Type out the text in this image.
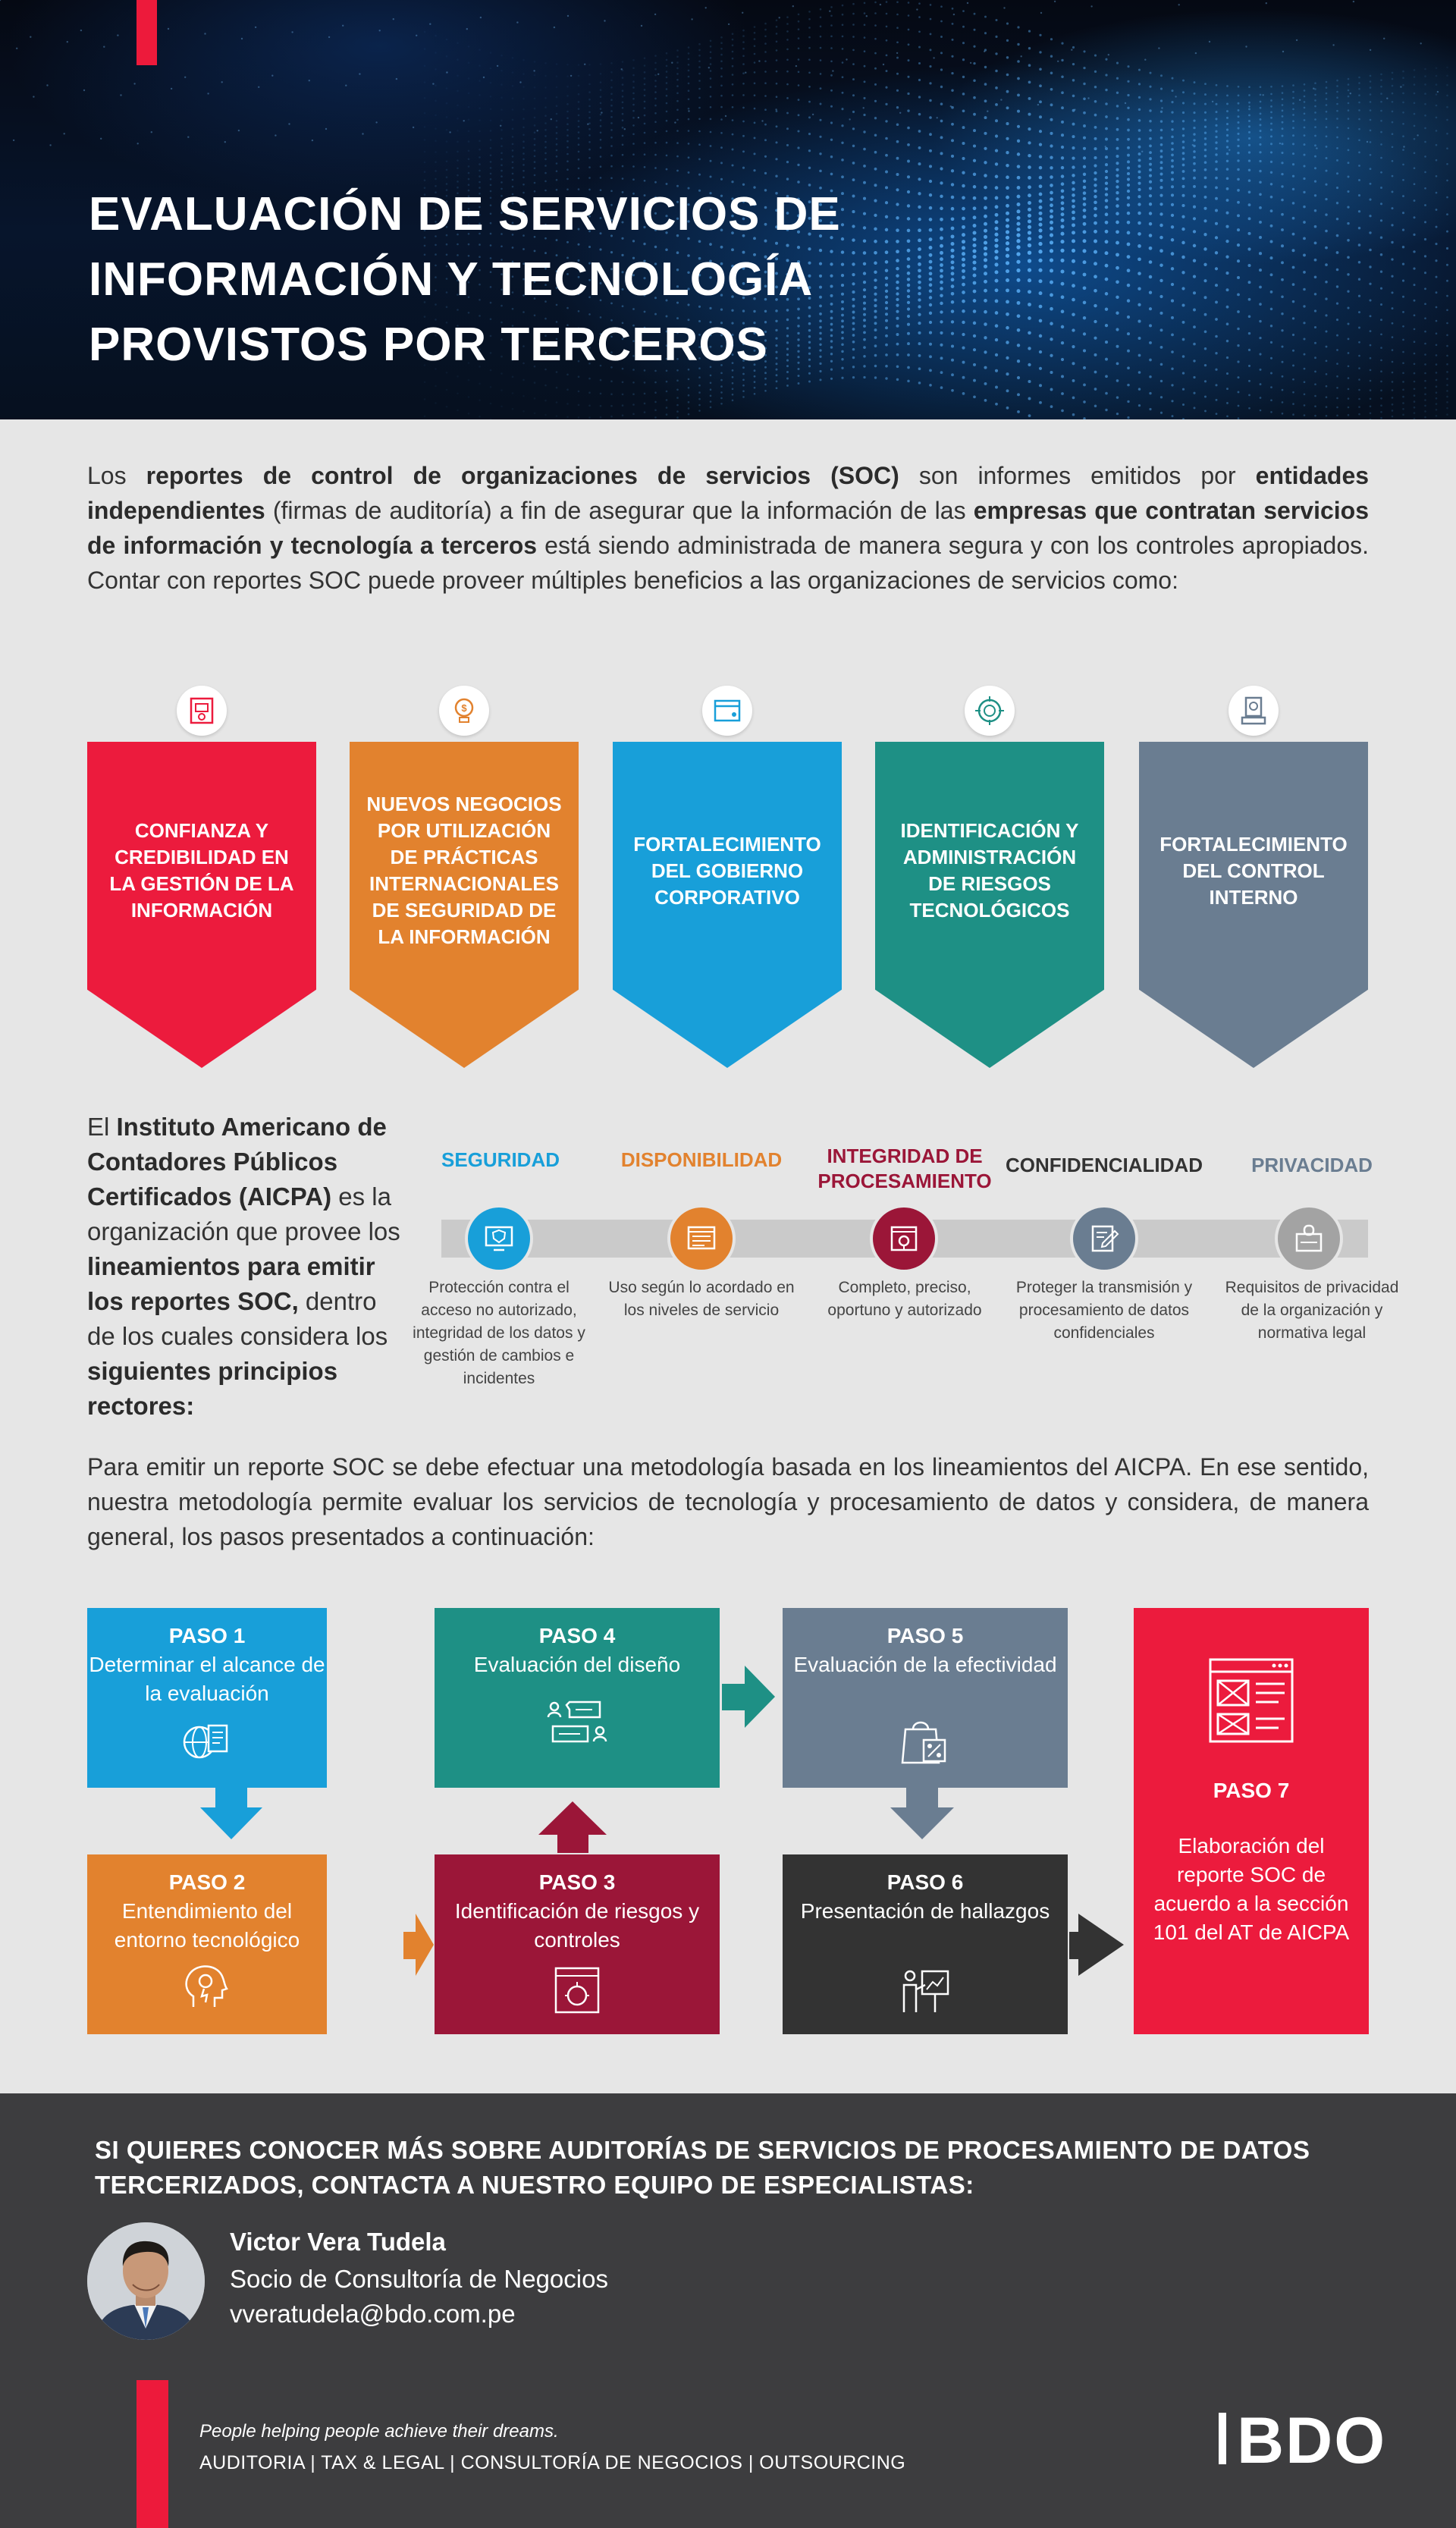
EVALUACIÓN DE SERVICIOS DE
INFORMACIÓN Y TECNOLOGÍA
PROVISTOS POR TERCEROS
Los reportes de control de organizaciones de servicios (SOC) son informes emitidos por entidades independientes (firmas de auditoría) a fin de asegurar que la información de las empresas que contratan servicios de información y tecnología a terceros está siendo administrada de manera segura y con los controles apropiados. Contar con reportes SOC puede proveer múltiples beneficios a las organizaciones de servicios como:
CONFIANZA Y CREDIBILIDAD EN LA GESTIÓN DE LA INFORMACIÓN
NUEVOS NEGOCIOS POR UTILIZACIÓN DE PRÁCTICAS INTERNACIONALES DE SEGURIDAD DE LA INFORMACIÓN
$
FORTALECIMIENTO DEL GOBIERNO CORPORATIVO
IDENTIFICACIÓN Y ADMINISTRACIÓN DE RIESGOS TECNOLÓGICOS
FORTALECIMIENTO DEL CONTROL INTERNO
El Instituto Americano de Contadores Públicos Certificados (AICPA) es la organización que provee los lineamientos para emitir los reportes SOC, dentro de los cuales considera los siguientes principios rectores:
SEGURIDAD
Protección contra el acceso no autorizado, integridad de los datos y gestión de cambios e incidentes
DISPONIBILIDAD
Uso según lo acordado en los niveles de servicio
INTEGRIDAD DE PROCESAMIENTO
Completo, preciso, oportuno y autorizado
CONFIDENCIALIDAD
Proteger la transmisión y procesamiento de datos confidenciales
PRIVACIDAD
Requisitos de privacidad de la organización y normativa legal
Para emitir un reporte SOC se debe efectuar una metodología basada en los lineamientos del AICPA. En ese sentido, nuestra metodología permite evaluar los servicios de tecnología y procesamiento de datos y considera, de manera general, los pasos presentados a continuación:
PASO 1
Determinar el alcance de la evaluación
PASO 2
Entendimiento del entorno tecnológico
PASO 3
Identificación de riesgos y controles
PASO 4
Evaluación del diseño
PASO 5
Evaluación de la efectividad
PASO 6
Presentación de hallazgos
PASO 7
Elaboración del reporte SOC de acuerdo a la sección 101 del AT de AICPA
SI QUIERES CONOCER MÁS SOBRE AUDITORÍAS DE SERVICIOS DE PROCESAMIENTO DE DATOS TERCERIZADOS, CONTACTA A NUESTRO EQUIPO DE ESPECIALISTAS:
Victor Vera Tudela
Socio de Consultoría de Negocios
vveratudela@bdo.com.pe
People helping people achieve their dreams.
AUDITORIA | TAX & LEGAL | CONSULTORÍA DE NEGOCIOS | OUTSOURCING	BDO
